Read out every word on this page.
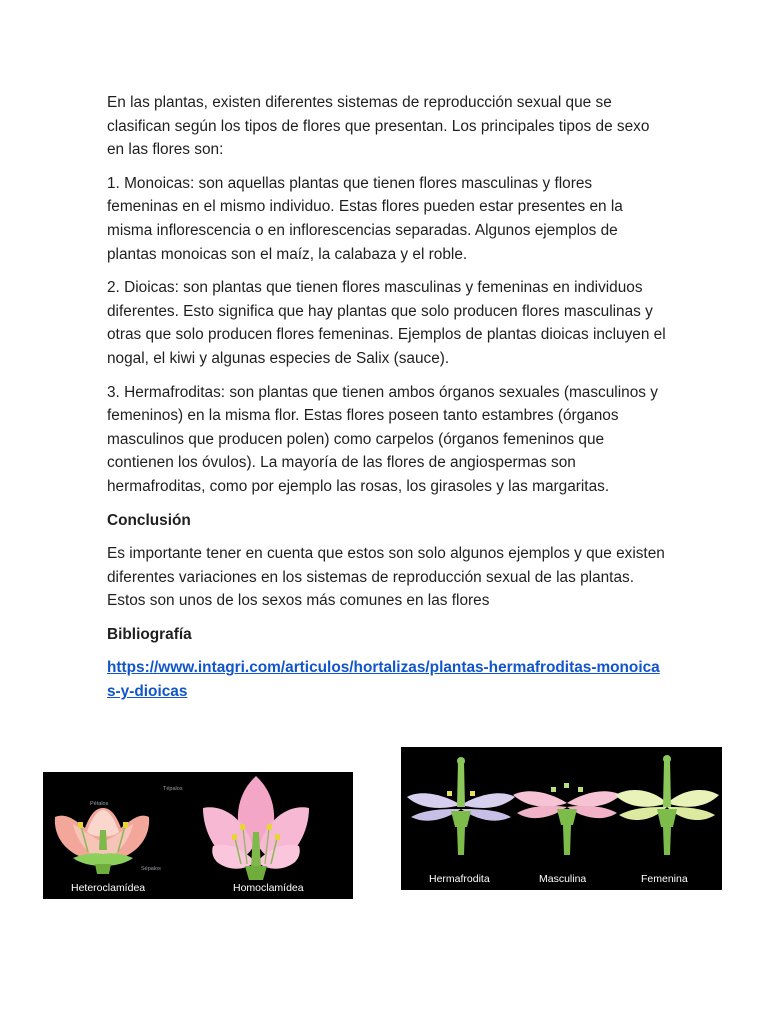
En las plantas, existen diferentes sistemas de reproducción sexual que se clasifican según los tipos de flores que presentan. Los principales tipos de sexo en las flores son:

1. Monoicas: son aquellas plantas que tienen flores masculinas y flores femeninas en el mismo individuo. Estas flores pueden estar presentes en la misma inflorescencia o en inflorescencias separadas. Algunos ejemplos de plantas monoicas son el maíz, la calabaza y el roble.

2. Dioicas: son plantas que tienen flores masculinas y femeninas en individuos diferentes. Esto significa que hay plantas que solo producen flores masculinas y otras que solo producen flores femeninas. Ejemplos de plantas dioicas incluyen el nogal, el kiwi y algunas especies de Salix (sauce).

3. Hermafroditas: son plantas que tienen ambos órganos sexuales (masculinos y femeninos) en la misma flor. Estas flores poseen tanto estambres (órganos masculinos que producen polen) como carpelos (órganos femeninos que contienen los óvulos). La mayoría de las flores de angiospermas son hermafroditas, como por ejemplo las rosas, los girasoles y las margaritas.

Conclusión

Es importante tener en cuenta que estos son solo algunos ejemplos y que existen diferentes variaciones en los sistemas de reproducción sexual de las plantas. Estos son unos de los sexos más comunes en las flores

Bibliografía

https://www.intagri.com/articulos/hortalizas/plantas-hermafroditas-monoicas-y-dioicas

Pétalos
Sépalos
Tépalos
Heteroclamídea	Homoclamídea
Hermafrodita	Masculina	Femenina
